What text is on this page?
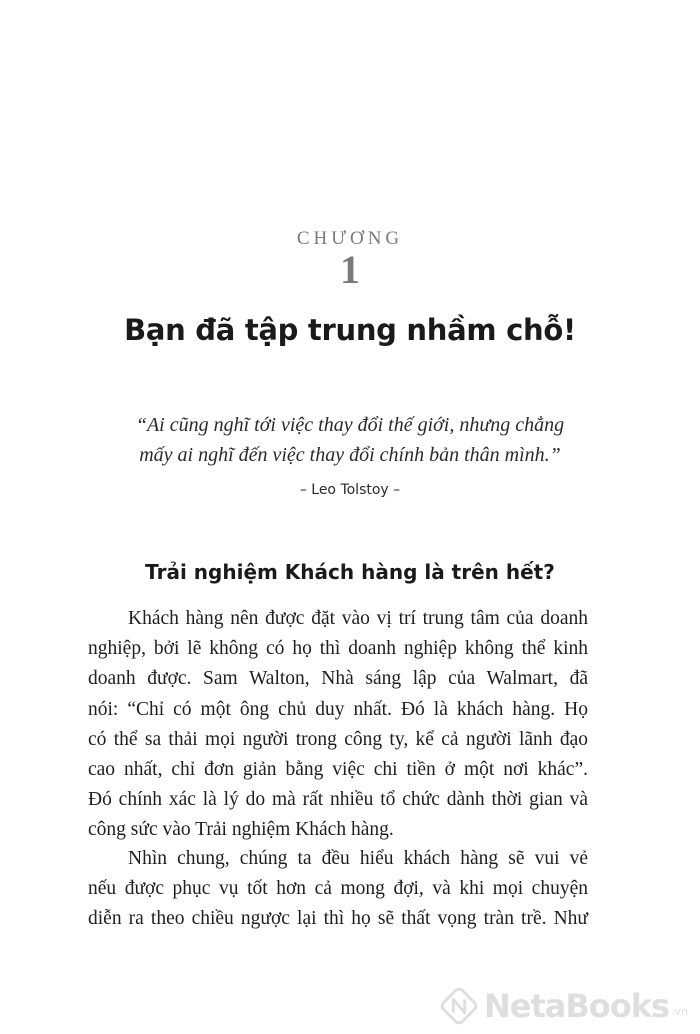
CHƯƠNG
1
Bạn đã tập trung nhầm chỗ!
“Ai cũng nghĩ tới việc thay đổi thế giới, nhưng chẳng
mấy ai nghĩ đến việc thay đổi chính bản thân mình.”
– Leo Tolstoy –
Trải nghiệm Khách hàng là trên hết?
Khách hàng nên được đặt vào vị trí trung tâm của doanh
nghiệp, bởi lẽ không có họ thì doanh nghiệp không thể kinh
doanh được. Sam Walton, Nhà sáng lập của Walmart, đã
nói: “Chỉ có một ông chủ duy nhất. Đó là khách hàng. Họ
có thể sa thải mọi người trong công ty, kể cả người lãnh đạo
cao nhất, chỉ đơn giản bằng việc chi tiền ở một nơi khác”.
Đó chính xác là lý do mà rất nhiều tổ chức dành thời gian và
công sức vào Trải nghiệm Khách hàng.
Nhìn chung, chúng ta đều hiểu khách hàng sẽ vui vẻ
nếu được phục vụ tốt hơn cả mong đợi, và khi mọi chuyện
diễn ra theo chiều ngược lại thì họ sẽ thất vọng tràn trề. Như
NetaBooks .vn
